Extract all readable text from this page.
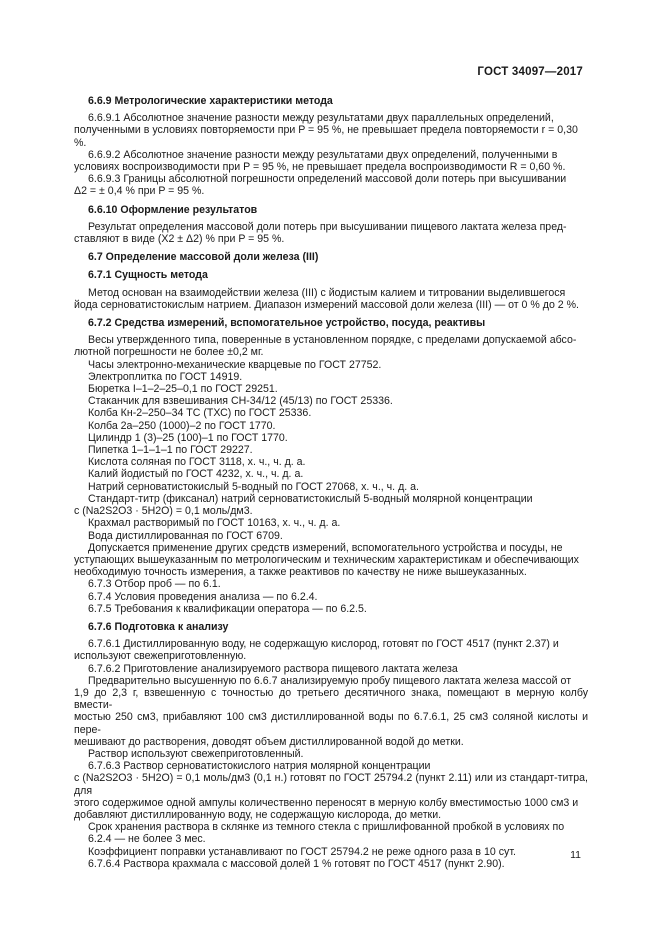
ГОСТ 34097—2017

6.6.9 Метрологические характеристики метода

6.6.9.1 Абсолютное значение разности между результатами двух параллельных определений,

полученными в условиях повторяемости при P = 95 %, не превышает предела повторяемости r = 0,30 %.

6.6.9.2 Абсолютное значение разности между результатами двух определений, полученными в

условиях воспроизводимости при P = 95 %, не превышает предела воспроизводимости R = 0,60 %.

6.6.9.3 Границы абсолютной погрешности определений массовой доли потерь при высушивании

Δ2 = ± 0,4 % при P = 95 %.

6.6.10 Оформление результатов

Результат определения массовой доли потерь при высушивании пищевого лактата железа пред-

ставляют в виде (X2 ± Δ2) % при P = 95 %.

6.7 Определение массовой доли железа (III)

6.7.1 Сущность метода

Метод основан на взаимодействии железа (III) с йодистым калием и титровании выделившегося

йода серноватистокислым натрием. Диапазон измерений массовой доли железа (III) — от 0 % до 2 %.

6.7.2 Средства измерений, вспомогательное устройство, посуда, реактивы

Весы утвержденного типа, поверенные в установленном порядке, с пределами допускаемой абсо-

лютной погрешности не более ±0,2 мг.

Часы электронно-механические кварцевые по ГОСТ 27752.

Электроплитка по ГОСТ 14919.

Бюретка I–1–2–25–0,1 по ГОСТ 29251.

Стаканчик для взвешивания СН-34/12 (45/13) по ГОСТ 25336.

Колба Кн-2–250–34 ТС (ТХС) по ГОСТ 25336.

Колба 2а–250 (1000)–2 по ГОСТ 1770.

Цилиндр 1 (3)–25 (100)–1 по ГОСТ 1770.

Пипетка 1–1–1–1 по ГОСТ 29227.

Кислота соляная по ГОСТ 3118, х. ч., ч. д. а.

Калий йодистый по ГОСТ 4232, х. ч., ч. д. а.

Натрий серноватистокислый 5-водный по ГОСТ 27068, х. ч., ч. д. а.

Стандарт-титр (фиксанал) натрий серноватистокислый 5-водный молярной концентрации

c (Na2S2O3 · 5H2O) = 0,1 моль/дм3.

Крахмал растворимый по ГОСТ 10163, х. ч., ч. д. а.

Вода дистиллированная по ГОСТ 6709.

Допускается применение других средств измерений, вспомогательного устройства и посуды, не

уступающих вышеуказанным по метрологическим и техническим характеристикам и обеспечивающих

необходимую точность измерения, а также реактивов по качеству не ниже вышеуказанных.

6.7.3 Отбор проб — по 6.1.

6.7.4 Условия проведения анализа — по 6.2.4.

6.7.5 Требования к квалификации оператора — по 6.2.5.

6.7.6 Подготовка к анализу

6.7.6.1 Дистиллированную воду, не содержащую кислород, готовят по ГОСТ 4517 (пункт 2.37) и

используют свежеприготовленную.

6.7.6.2 Приготовление анализируемого раствора пищевого лактата железа

Предварительно высушенную по 6.6.7 анализируемую пробу пищевого лактата железа массой от

1,9 до 2,3 г, взвешенную с точностью до третьего десятичного знака, помещают в мерную колбу вмести-

мостью 250 см3, прибавляют 100 см3 дистиллированной воды по 6.7.6.1, 25 см3 соляной кислоты и пере-

мешивают до растворения, доводят объем дистиллированной водой до метки.

Раствор используют свежеприготовленный.

6.7.6.3 Раствор серноватистокислого натрия молярной концентрации

c (Na2S2O3 · 5H2O) = 0,1 моль/дм3 (0,1 н.) готовят по ГОСТ 25794.2 (пункт 2.11) или из стандарт-титра, для

этого содержимое одной ампулы количественно переносят в мерную колбу вместимостью 1000 см3 и

добавляют дистиллированную воду, не содержащую кислорода, до метки.

Срок хранения раствора в склянке из темного стекла с пришлифованной пробкой в условиях по

6.2.4 — не более 3 мес.

Коэффициент поправки устанавливают по ГОСТ 25794.2 не реже одного раза в 10 сут.

6.7.6.4 Раствора крахмала с массовой долей 1 % готовят по ГОСТ 4517 (пункт 2.90).

11
